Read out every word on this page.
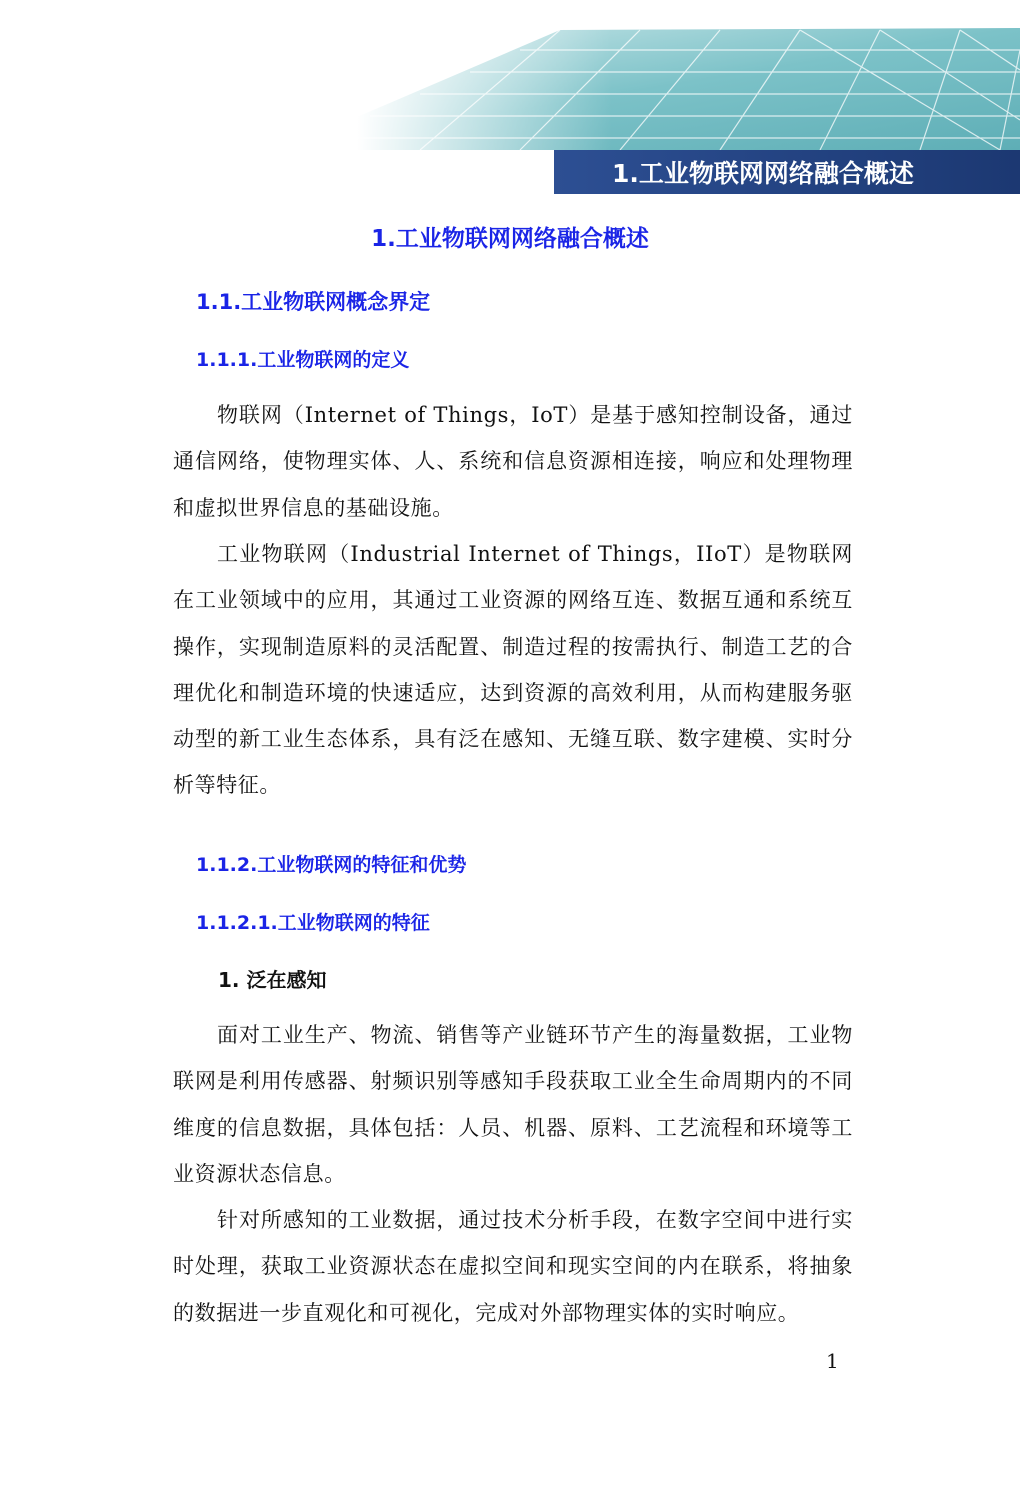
1.工业物联网网络融合概述
1.工业物联网网络融合概述
1.1.工业物联网概念界定
1.1.1.工业物联网的定义
物联网（Internet of Things，IoT）是基于感知控制设备，通过通信网络，使物理实体、人、系统和信息资源相连接，响应和处理物理和虚拟世界信息的基础设施。
工业物联网（Industrial Internet of Things，IIoT）是物联网在工业领域中的应用，其通过工业资源的网络互连、数据互通和系统互操作，实现制造原料的灵活配置、制造过程的按需执行、制造工艺的合理优化和制造环境的快速适应，达到资源的高效利用，从而构建服务驱动型的新工业生态体系，具有泛在感知、无缝互联、数字建模、实时分析等特征。
1.1.2.工业物联网的特征和优势
1.1.2.1.工业物联网的特征
1. 泛在感知
面对工业生产、物流、销售等产业链环节产生的海量数据，工业物联网是利用传感器、射频识别等感知手段获取工业全生命周期内的不同维度的信息数据，具体包括：人员、机器、原料、工艺流程和环境等工业资源状态信息。
针对所感知的工业数据，通过技术分析手段，在数字空间中进行实时处理，获取工业资源状态在虚拟空间和现实空间的内在联系，将抽象的数据进一步直观化和可视化，完成对外部物理实体的实时响应。
1
